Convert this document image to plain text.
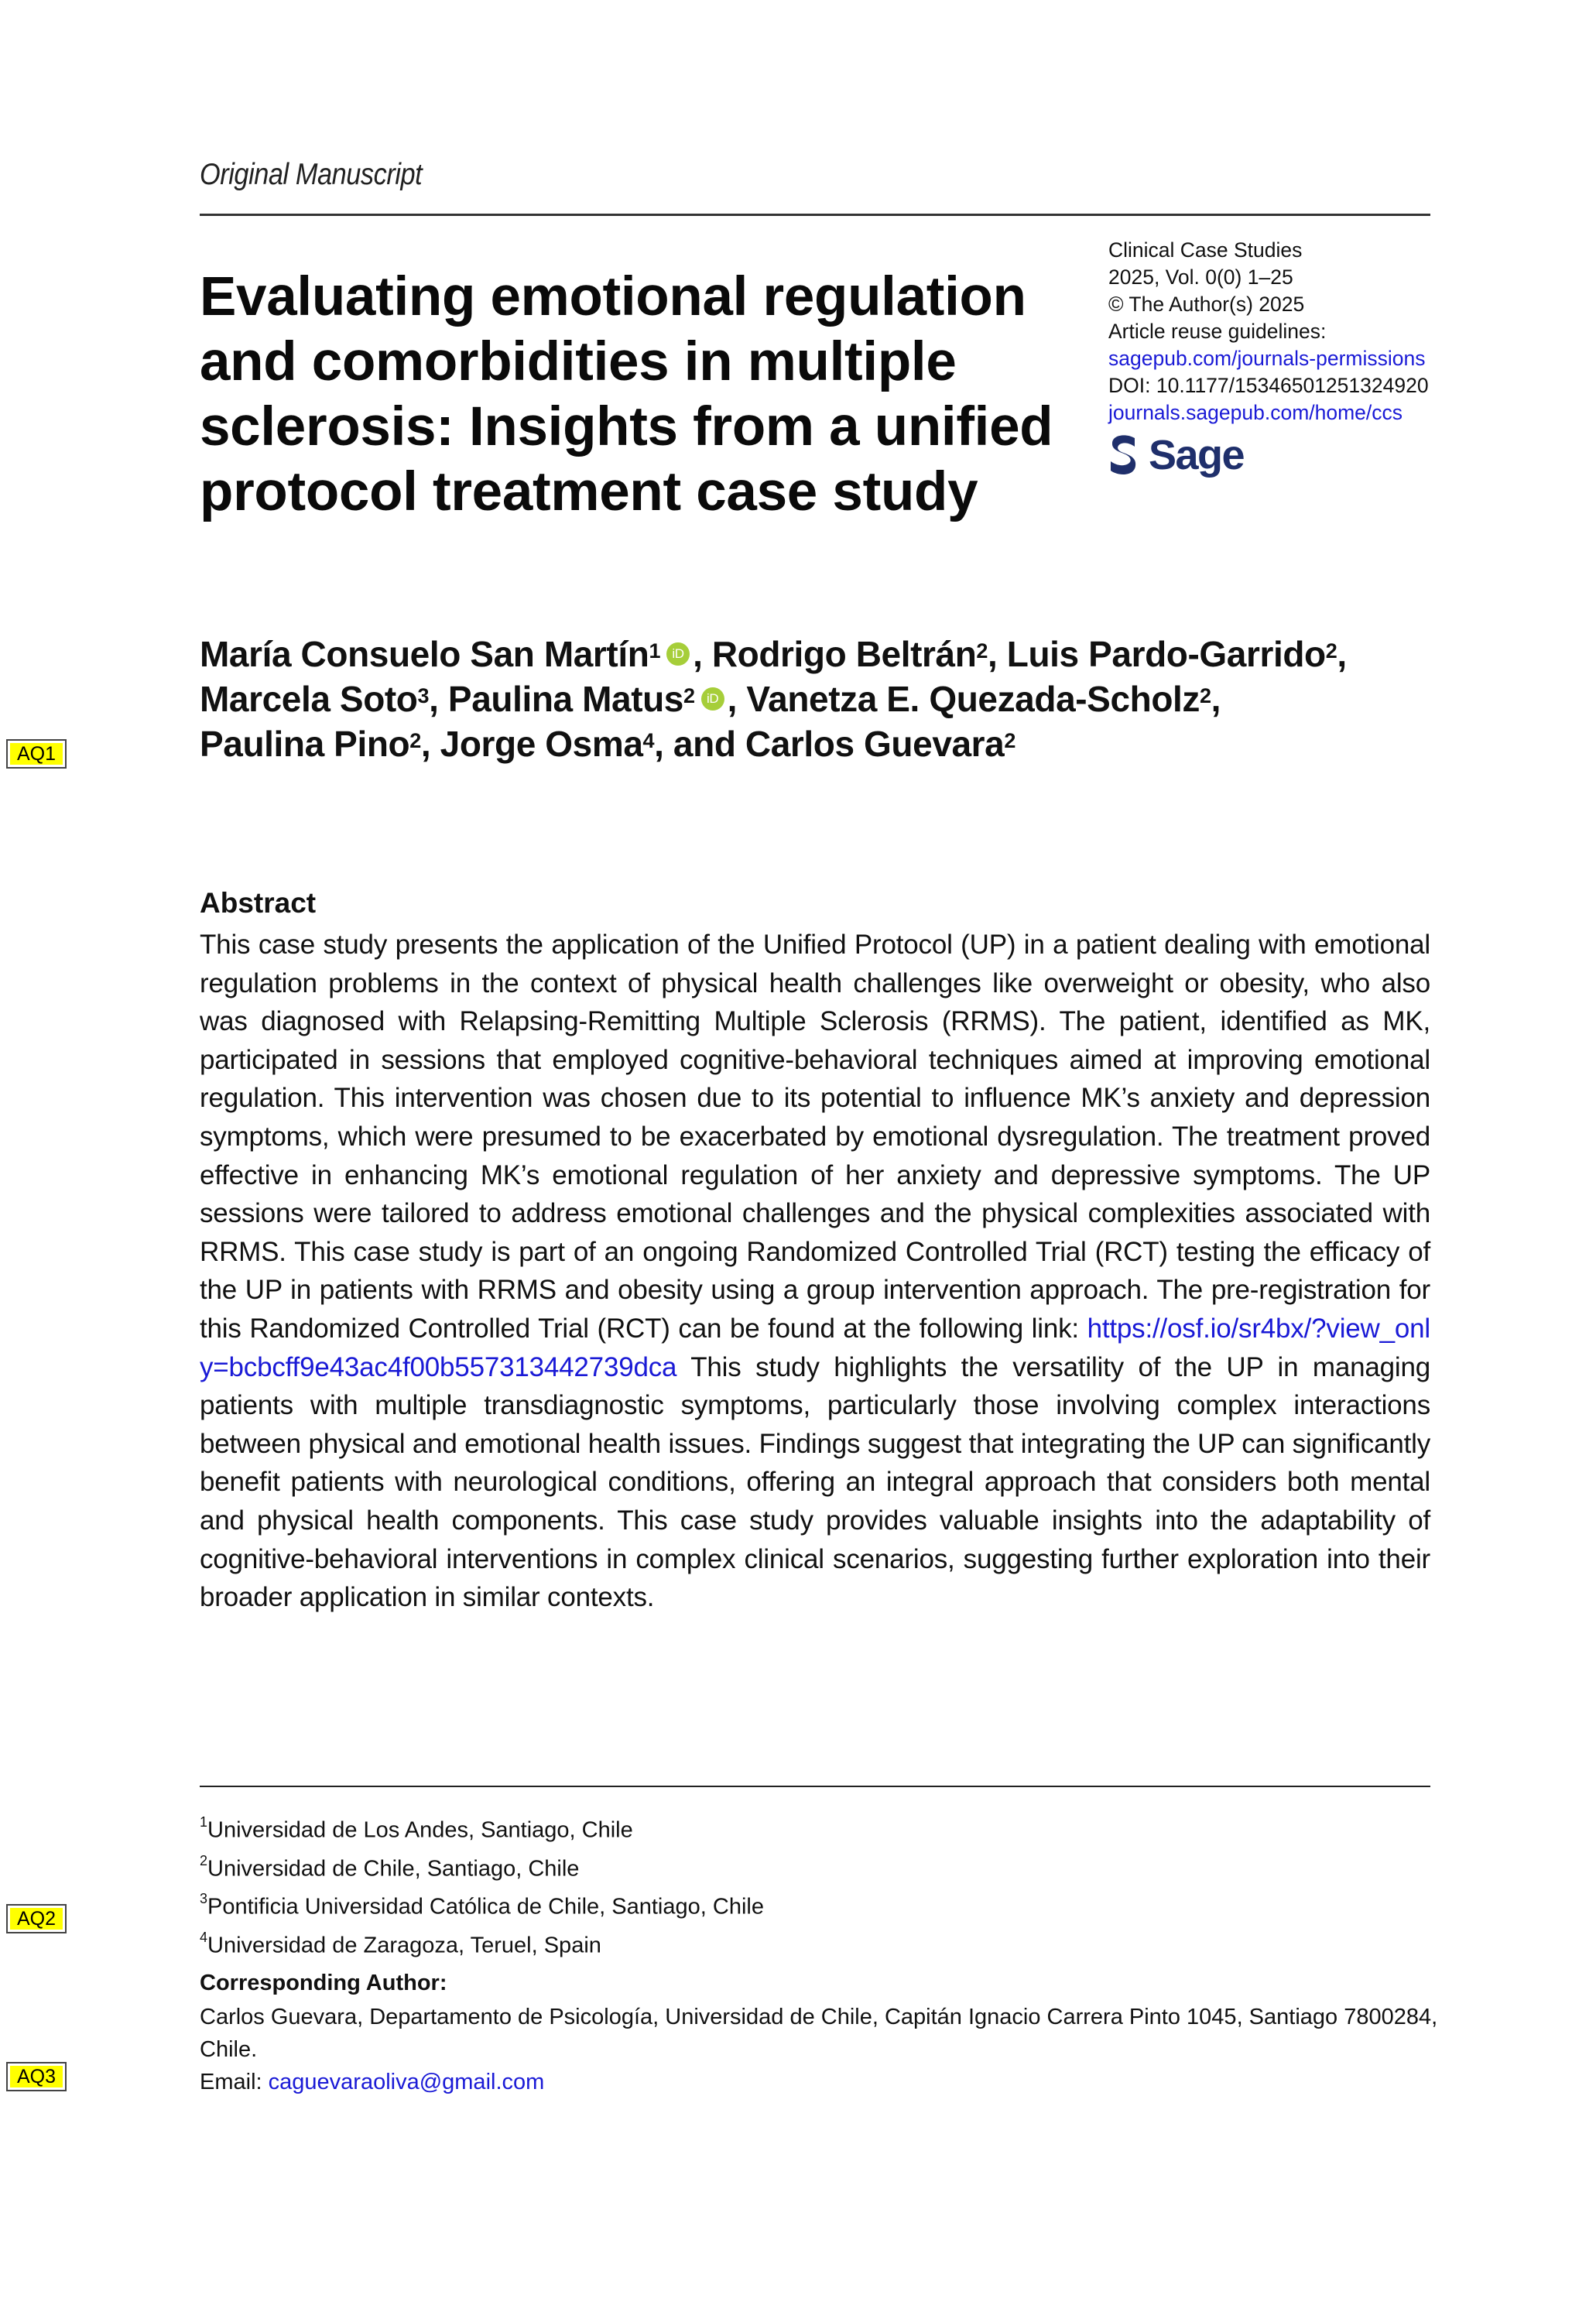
Original Manuscript
Evaluating emotional regulation
and comorbidities in multiple
sclerosis: Insights from a unified
protocol treatment case study
Clinical Case Studies
2025, Vol. 0(0) 1–25
© The Author(s) 2025
Article reuse guidelines:
sagepub.com/journals-permissions
DOI: 10.1177/15346501251324920
journals.sagepub.com/home/ccs
Sage
María Consuelo San Martín$^1$ iD , Rodrigo Beltrán$^2$, Luis Pardo-Garrido$^2$,
Marcela Soto$^3$, Paulina Matus$^2$ iD , Vanetza E. Quezada-Scholz$^2$,
Paulina Pino$^2$, Jorge Osma$^4$, and Carlos Guevara$^2$
AQ1
AQ2
AQ3
Abstract
This case study presents the application of the Unified Protocol (UP) in a patient dealing with emotional regulation problems in the context of physical health challenges like overweight or obesity, who also was diagnosed with Relapsing-Remitting Multiple Sclerosis (RRMS). The patient, identified as MK, participated in sessions that employed cognitive-behavioral techniques aimed at improving emotional regulation. This intervention was chosen due to its potential to influence MK’s anxiety and depression symptoms, which were presumed to be exacerbated by emotional dysregulation. The treatment proved effective in enhancing MK’s emotional regulation of her anxiety and depressive symptoms. The UP sessions were tailored to address emotional challenges and the physical complexities associated with RRMS. This case study is part of an ongoing Randomized Controlled Trial (RCT) testing the efficacy of the UP in patients with RRMS and obesity using a group intervention approach. The pre-registration for this Randomized Controlled Trial (RCT) can be found at the following link: https://osf.io/sr4bx/?view_only=bcbcff9e43ac4f00b557313442739dca This study highlights the versatility of the UP in managing patients with multiple transdiagnostic symptoms, particularly those involving complex interactions between physical and emotional health issues. Findings suggest that integrating the UP can significantly benefit patients with neurological conditions, offering an integral approach that considers both mental and physical health components. This case study provides valuable insights into the adaptability of cognitive-behavioral interventions in complex clinical scenarios, suggesting further exploration into their broader application in similar contexts.
$^1$Universidad de Los Andes, Santiago, Chile
$^2$Universidad de Chile, Santiago, Chile
$^3$Pontificia Universidad Católica de Chile, Santiago, Chile
$^4$Universidad de Zaragoza, Teruel, Spain
Corresponding Author:
Carlos Guevara, Departamento de Psicología, Universidad de Chile, Capitán Ignacio Carrera Pinto 1045, Santiago 7800284, Chile.
Email: caguevaraoliva@gmail.com
